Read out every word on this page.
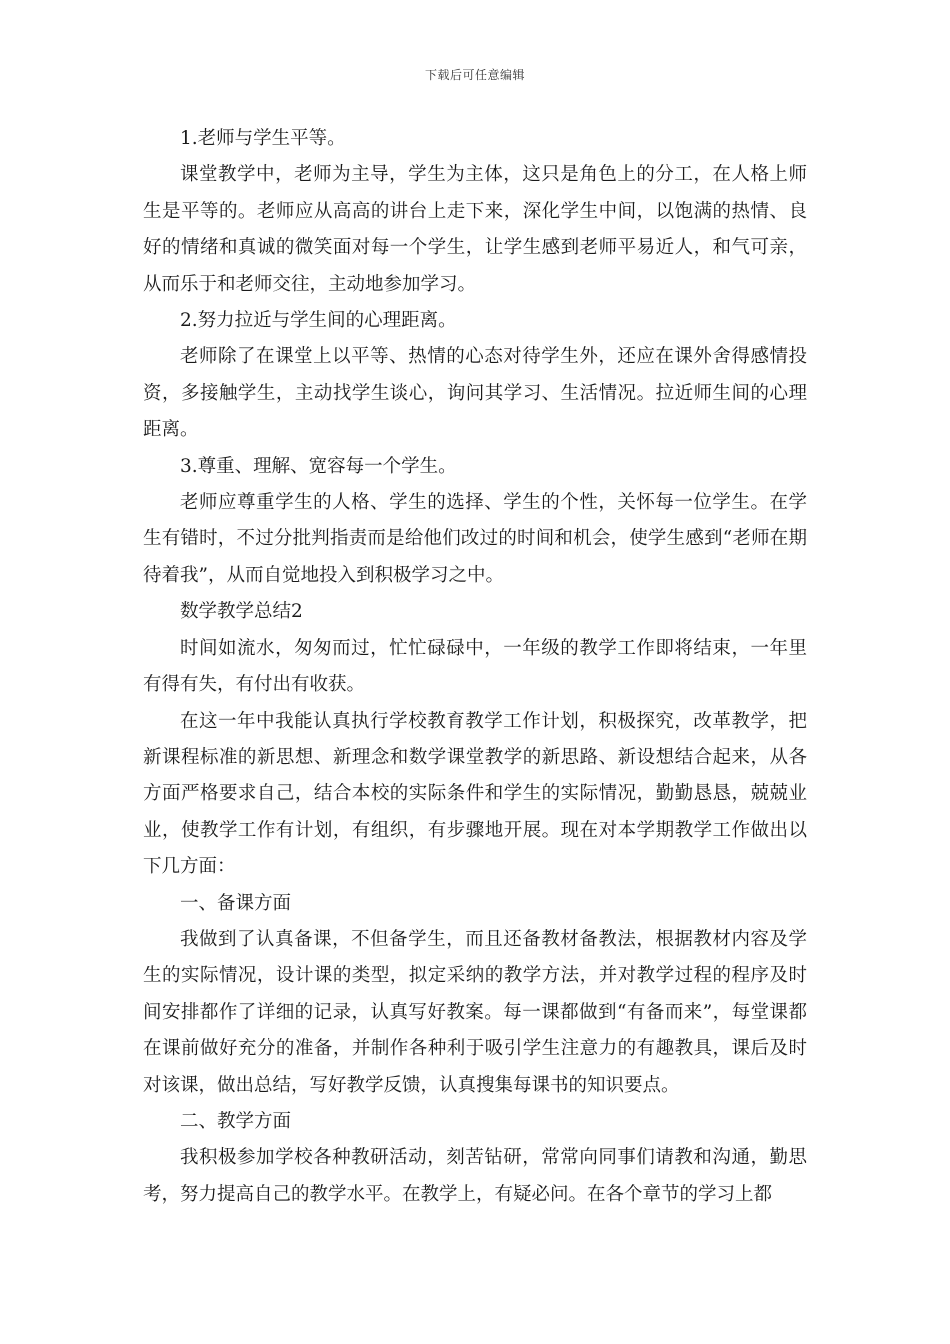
下载后可任意编辑

1.老师与学生平等。

课堂教学中，老师为主导，学生为主体，这只是角色上的分工，在人格上师生是平等的。老师应从高高的讲台上走下来，深化学生中间，以饱满的热情、良好的情绪和真诚的微笑面对每一个学生，让学生感到老师平易近人，和气可亲，从而乐于和老师交往，主动地参加学习。

2.努力拉近与学生间的心理距离。

老师除了在课堂上以平等、热情的心态对待学生外，还应在课外舍得感情投资，多接触学生，主动找学生谈心，询问其学习、生活情况。拉近师生间的心理距离。

3.尊重、理解、宽容每一个学生。

老师应尊重学生的人格、学生的选择、学生的个性，关怀每一位学生。在学生有错时，不过分批判指责而是给他们改过的时间和机会，使学生感到“老师在期待着我”，从而自觉地投入到积极学习之中。

数学教学总结2

时间如流水，匆匆而过，忙忙碌碌中，一年级的教学工作即将结束，一年里有得有失，有付出有收获。

在这一年中我能认真执行学校教育教学工作计划，积极探究，改革教学，把新课程标准的新思想、新理念和数学课堂教学的新思路、新设想结合起来，从各方面严格要求自己，结合本校的实际条件和学生的实际情况，勤勤恳恳，兢兢业业，使教学工作有计划，有组织，有步骤地开展。现在对本学期教学工作做出以下几方面：

一、备课方面

我做到了认真备课，不但备学生，而且还备教材备教法，根据教材内容及学生的实际情况，设计课的类型，拟定采纳的教学方法，并对教学过程的程序及时间安排都作了详细的记录，认真写好教案。每一课都做到“有备而来”，每堂课都在课前做好充分的准备，并制作各种利于吸引学生注意力的有趣教具，课后及时对该课，做出总结，写好教学反馈，认真搜集每课书的知识要点。

二、教学方面

我积极参加学校各种教研活动，刻苦钻研，常常向同事们请教和沟通，勤思考，努力提高自己的教学水平。在教学上，有疑必问。在各个章节的学习上都
